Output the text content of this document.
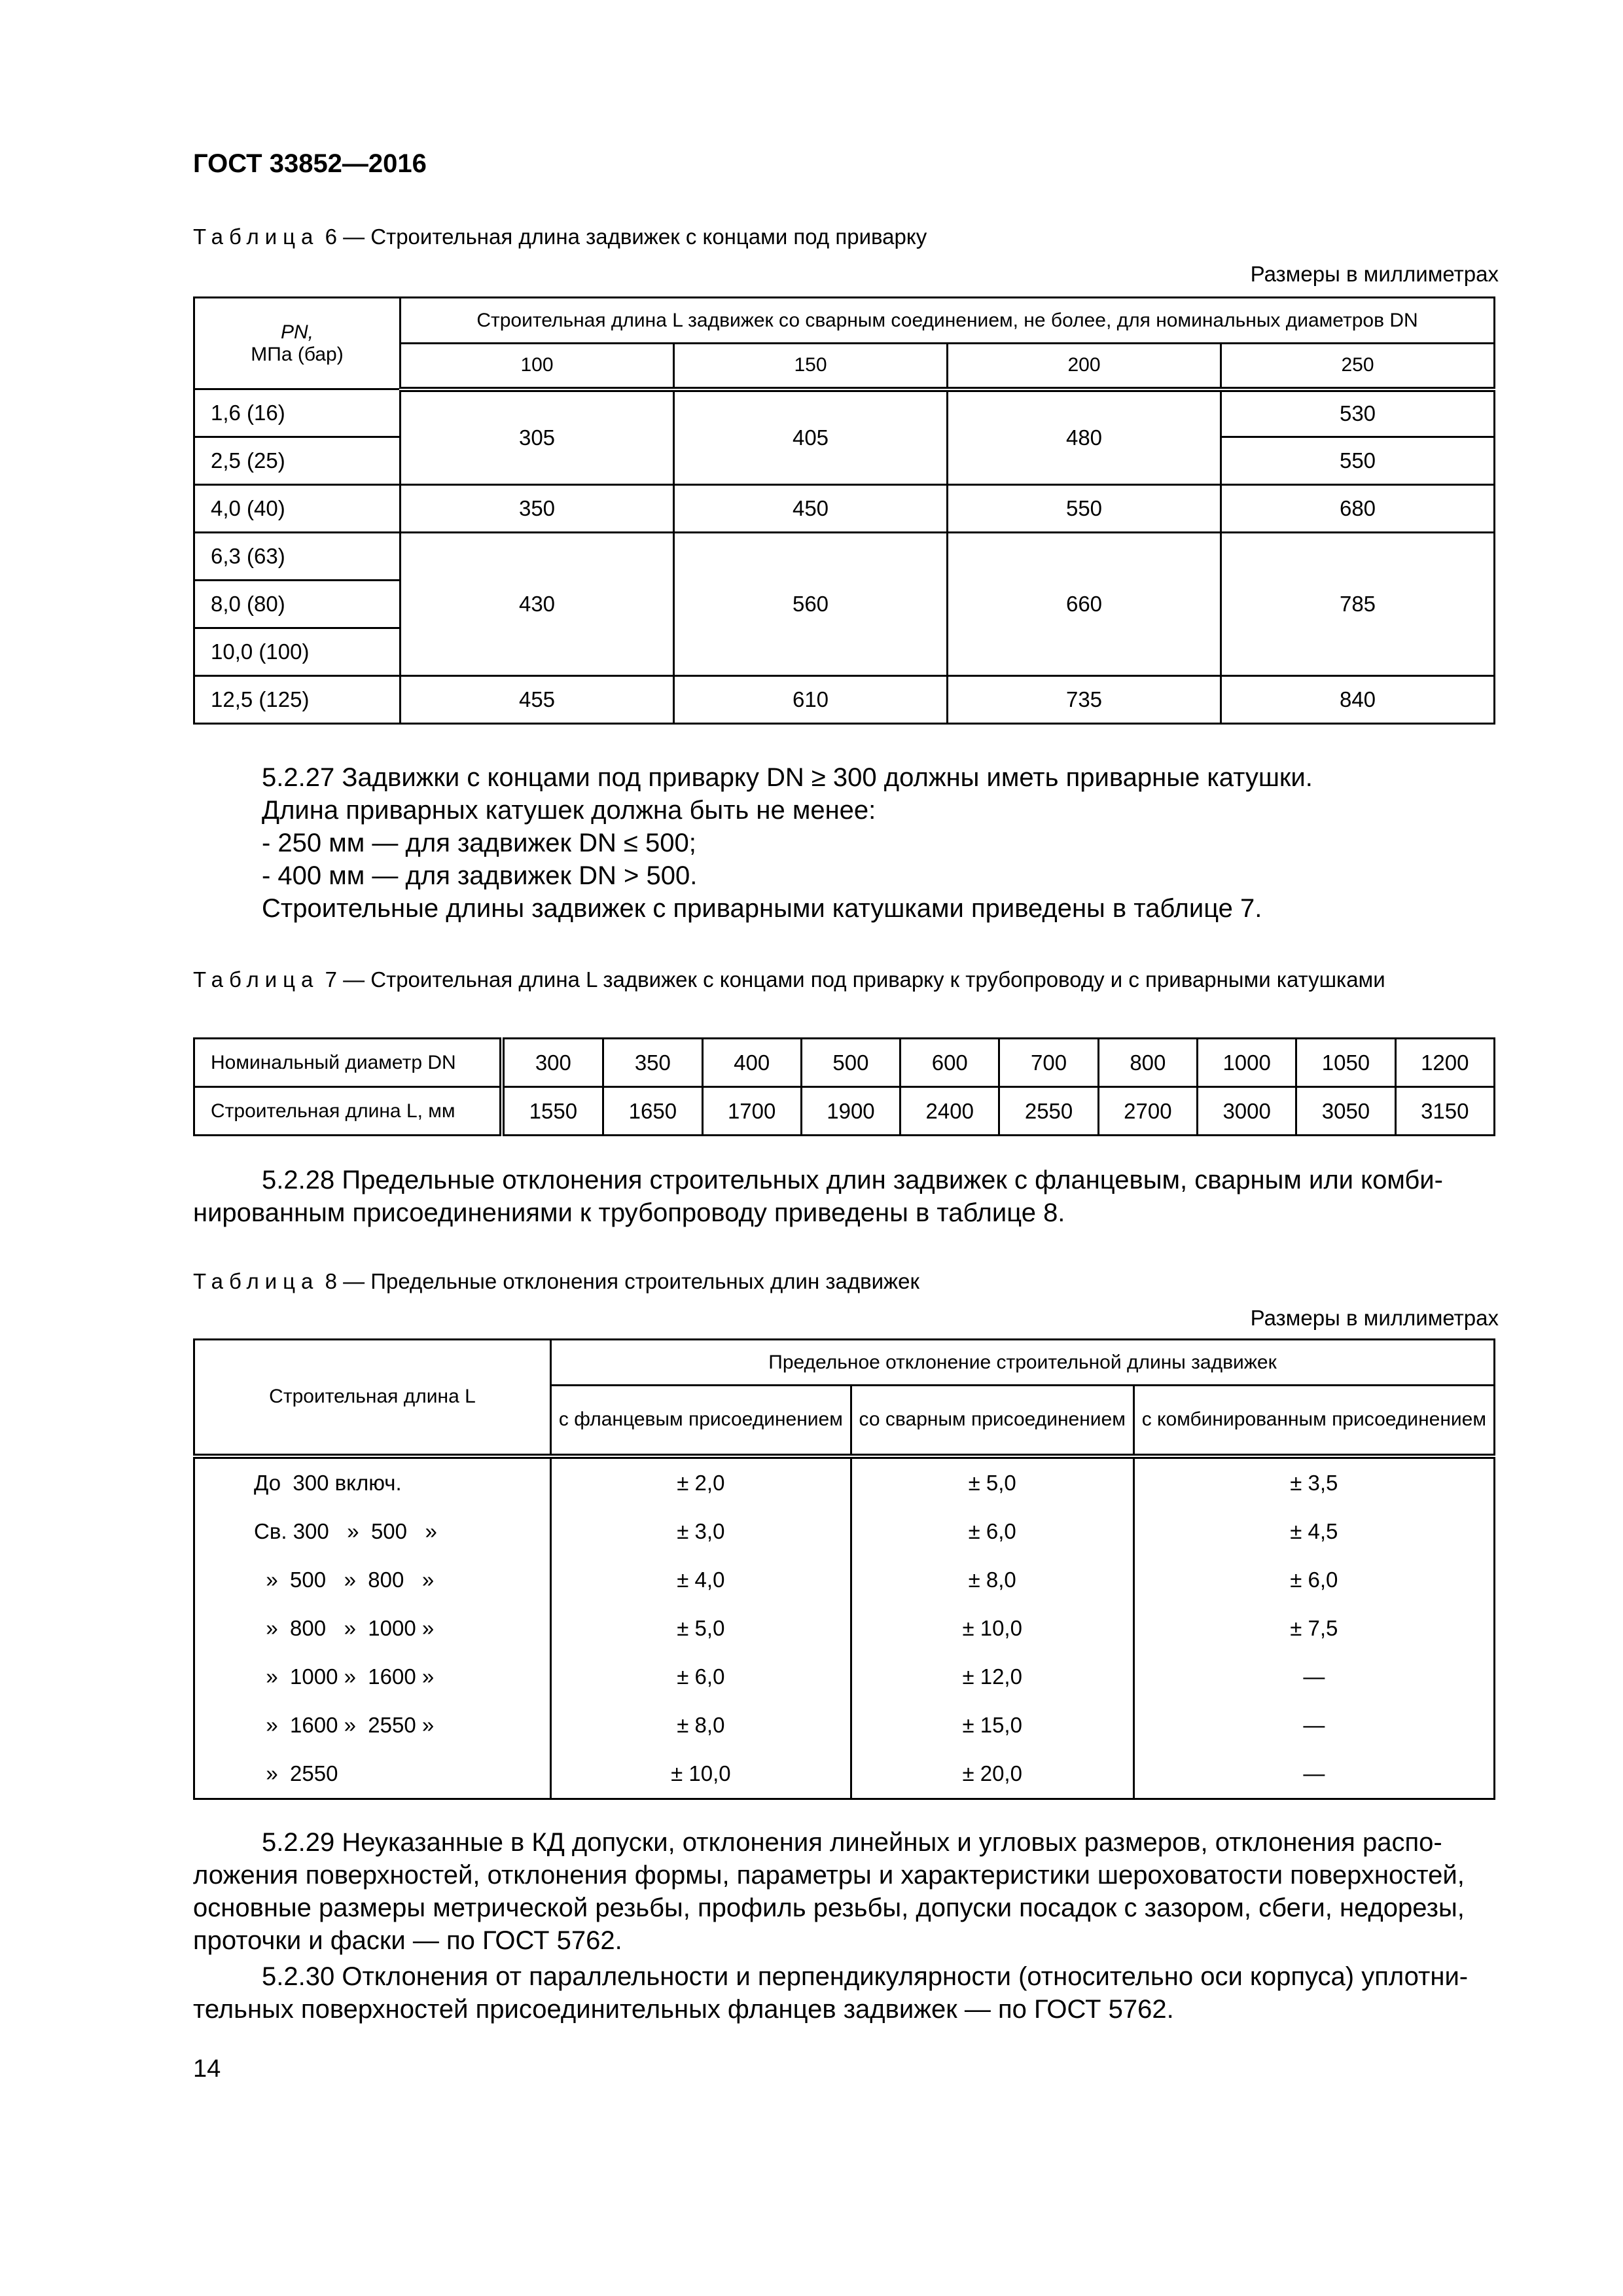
ГОСТ 33852—2016
Таблица 6 — Строительная длина задвижек с концами под приварку
Размеры в миллиметрах
PN,
МПа (бар)	Строительная длина L задвижек со сварным соединением, не более, для номинальных диаметров DN			
	100	150	200	250
1,6 (16)	305	405	480	530
2,5 (25)				550
4,0 (40)	350	450	550	680
6,3 (63)	430	560	660	785
8,0 (80)				
10,0 (100)				
12,5 (125)	455	610	735	840
5.2.27 Задвижки с концами под приварку DN ≥ 300 должны иметь приварные катушки.
Длина приварных катушек должна быть не менее:
- 250 мм — для задвижек DN ≤ 500;
- 400 мм — для задвижек DN > 500.
Строительные длины задвижек с приварными катушками приведены в таблице 7.
Таблица 7 — Строительная длина L задвижек с концами под приварку к трубопроводу и с приварными катушками
Номинальный диаметр DN	300	350	400	500	600	700	800	1000	1050	1200
Строительная длина L, мм	1550	1650	1700	1900	2400	2550	2700	3000	3050	3150
5.2.28 Предельные отклонения строительных длин задвижек с фланцевым, сварным или комби-
нированным присоединениями к трубопроводу приведены в таблице 8.
Таблица 8 — Предельные отклонения строительных длин задвижек
Размеры в миллиметрах
Строительная длина L	Предельное отклонение строительной длины задвижек		
	с фланцевым присоединением	со сварным присоединением	с комбинированным присоединением
До  300 включ.	± 2,0	± 5,0	± 3,5
Св. 300   »  500   »	± 3,0	± 6,0	± 4,5
»  500   »  800   »	± 4,0	± 8,0	± 6,0
»  800   »  1000 »	± 5,0	± 10,0	± 7,5
»  1000 »  1600 »	± 6,0	± 12,0	—
»  1600 »  2550 »	± 8,0	± 15,0	—
»  2550	± 10,0	± 20,0	—
5.2.29 Неуказанные в КД допуски, отклонения линейных и угловых размеров, отклонения распо-
ложения поверхностей, отклонения формы, параметры и характеристики шероховатости поверхностей,
основные размеры метрической резьбы, профиль резьбы, допуски посадок с зазором, сбеги, недорезы,
проточки и фаски — по ГОСТ 5762.
5.2.30 Отклонения от параллельности и перпендикулярности (относительно оси корпуса) уплотни-
тельных поверхностей присоединительных фланцев задвижек — по ГОСТ 5762.
14
